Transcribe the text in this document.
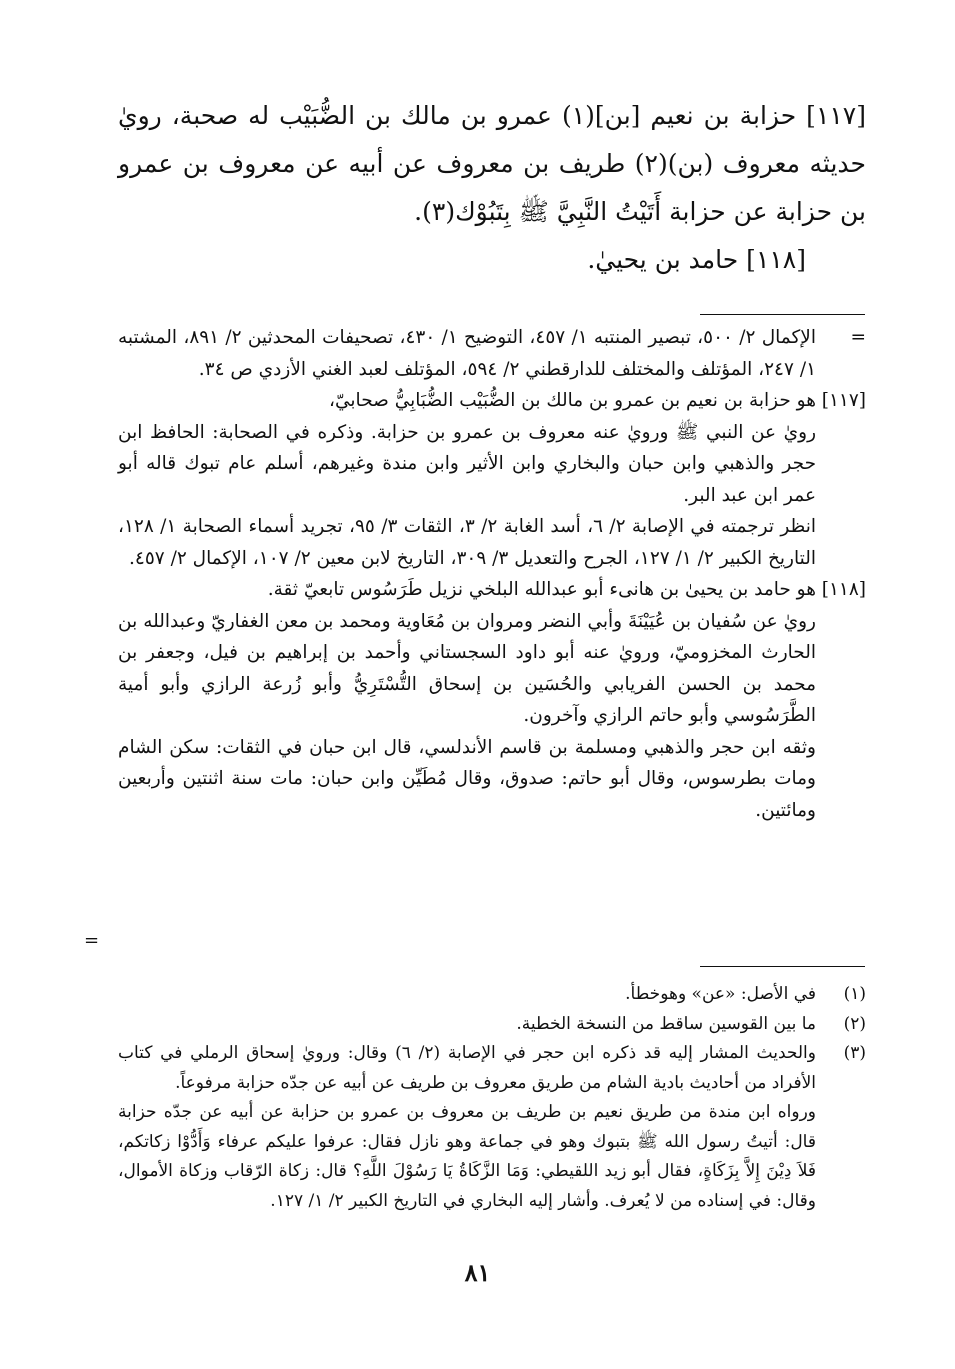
[١١٧] حزابة بن نعيم [بن](١) عمرو بن مالك بن الضُّبَيْب له صحبة، رويٰ حديثه معروف (بن)(٢) طريف بن معروف عن أبيه عن معروف بن عمرو بن حزابة عن حزابة أَتَيْتُ النَّبِيَّ ﷺ بِتَبُوْك(٣).

[١١٨] حامد بن يحييٰ.

=
الإكمال ٢/ ٥٠٠، تبصير المنتبه ١/ ٤٥٧، التوضيح ١/ ٤٣٠، تصحيفات المحدثين ٢/ ٨٩١، المشتبه ١/ ٢٤٧، المؤتلف والمختلف للدارقطني ٢/ ٥٩٤، المؤتلف لعبد الغني الأزدي ص ٣٤.
[١١٧]
هو حزابة بن نعيم بن عمرو بن مالك بن الضُّبَيْب الضُّبَابِيُّ صحابيّ،
رويٰ عن النبي ﷺ ورويٰ عنه معروف بن عمرو بن حزابة. وذكره في الصحابة: الحافظ ابن حجر والذهبي وابن حبان والبخاري وابن الأثير وابن مندة وغيرهم، أسلم عام تبوك قاله أبو عمر ابن عبد البر.
انظر ترجمته في الإصابة ٢/ ٦، أسد الغابة ٢/ ٣، الثقات ٣/ ٩٥، تجريد أسماء الصحابة ١/ ١٢٨، التاريخ الكبير ٢/ ١/ ١٢٧، الجرح والتعديل ٣/ ٣٠٩، التاريخ لابن معين ٢/ ١٠٧، الإكمال ٢/ ٤٥٧.
[١١٨]
هو حامد بن يحيىٰ بن هانىء أبو عبدالله البلخي نزيل طَرَسُوس تابعيّ ثقة.
رويٰ عن سُفيان بن عُيَيْنَةَ وأبي النضر ومروان بن مُعَاوية ومحمد بن معن الغفاريّ وعبدالله بن الحارث المخزوميّ، ورويٰ عنه أبو داود السجستاني وأحمد بن إبراهيم بن فيل، وجعفر بن محمد بن الحسن الفريابي والحُسَين بن إسحاق التُّسْتَرِيُّ وأبو زُرعة الرازي وأبو أمية الطَّرَسُوسي وأبو حاتم الرازي وآخرون.
وثقه ابن حجر والذهبي ومسلمة بن قاسم الأندلسي، قال ابن حبان في الثقات: سكن الشام ومات بطرسوس، وقال أبو حاتم: صدوق، وقال مُطَيِّن وابن حبان: مات سنة اثنتين وأربعين ومائتين.
=
(١)
في الأصل: «عن» وهوخطأ.
(٢)
ما بين القوسين ساقط من النسخة الخطية.
(٣)
والحديث المشار إليه قد ذكره ابن حجر في الإصابة (٢/ ٦) وقال: ورويٰ إسحاق الرملي في كتاب الأفراد من أحاديث بادية الشام من طريق معروف بن طريف عن أبيه عن جدّه حزابة مرفوعاً.
ورواه ابن مندة من طريق نعيم بن طريف بن معروف بن عمرو بن حزابة عن أبيه عن جدّه حزابة قال: أتيتُ رسول الله ﷺ بتبوك وهو في جماعة وهو نازل فقال: عرفوا عليكم عرفاء وَأَدُّوْا زكاتكم، فَلاَ دِيْنَ إِلاَّ بِزَكَاةٍ، فقال أبو زيد اللقيطي: وَمَا الزَّكَاةُ يَا رَسُوْلَ اللَّهِ؟ قال: زكاة الرّقاب وزكاة الأموال، وقال: في إسناده من لا يُعرف. وأشار إليه البخاري في التاريخ الكبير ٢/ ١/ ١٢٧.
٨١
